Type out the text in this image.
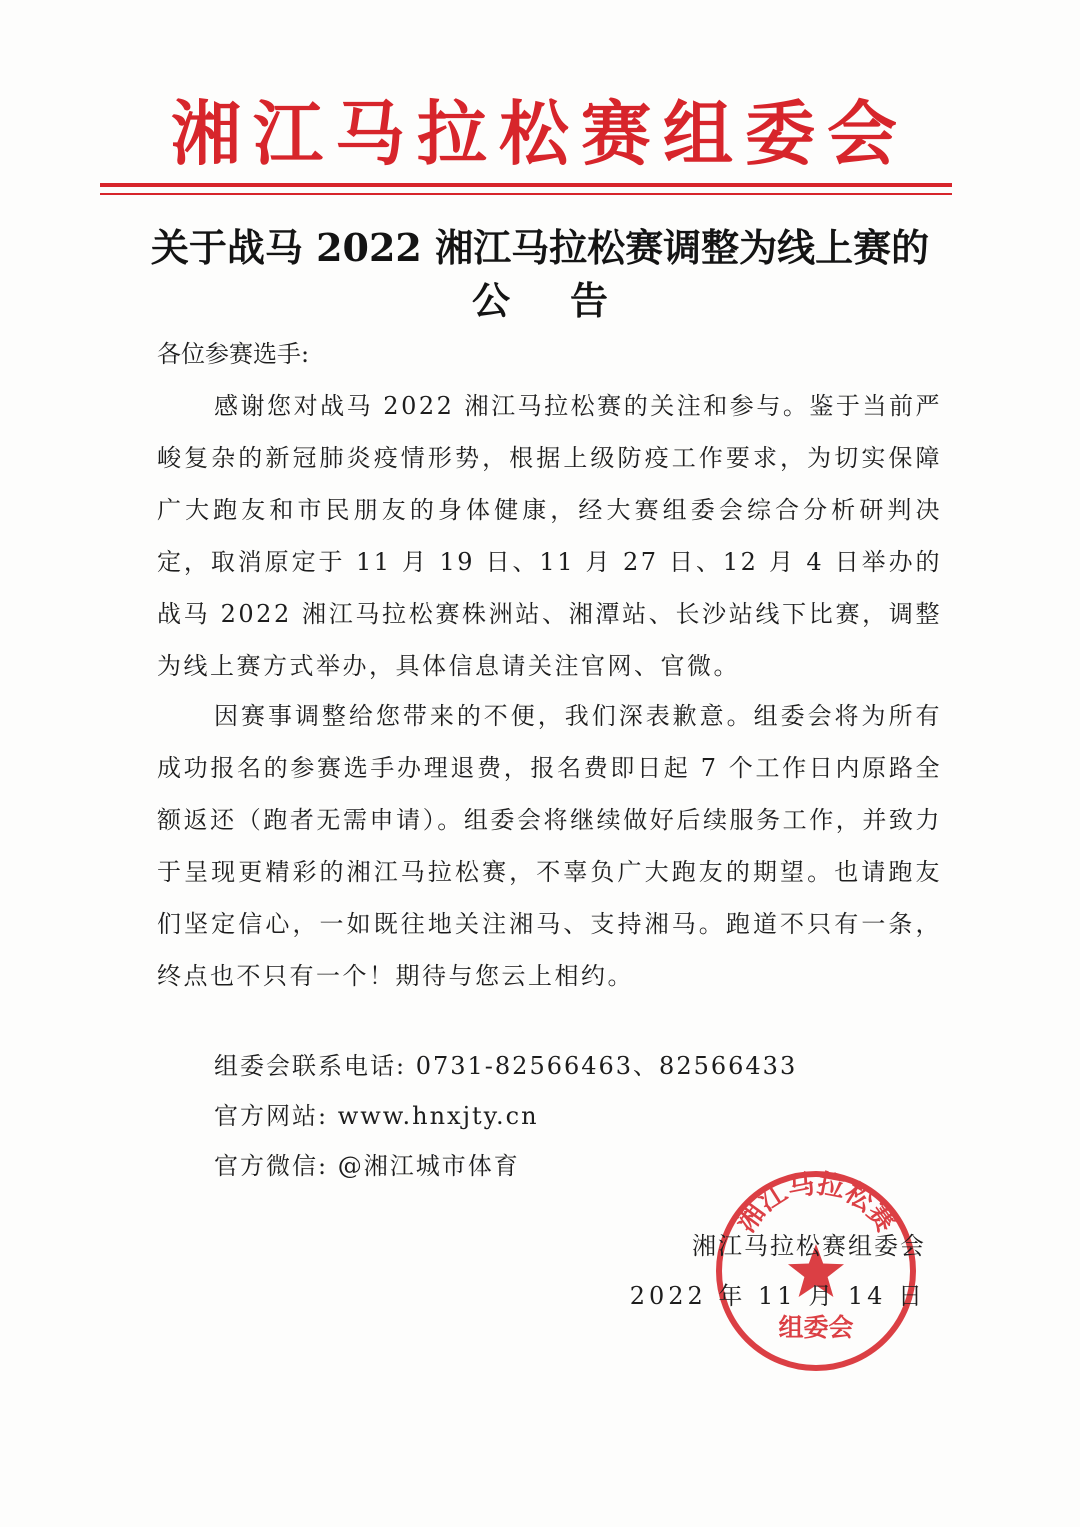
湘江马拉松赛组委会
关于战马 2022 湘江马拉松赛调整为线上赛的
公告
各位参赛选手:
感谢您对战马 2022 湘江马拉松赛的关注和参与。鉴于当前严峻复杂的新冠肺炎疫情形势，根据上级防疫工作要求，为切实保障广大跑友和市民朋友的身体健康，经大赛组委会综合分析研判决定，取消原定于 11 月 19 日、11 月 27 日、12 月 4 日举办的战马 2022 湘江马拉松赛株洲站、湘潭站、长沙站线下比赛，调整为线上赛方式举办，具体信息请关注官网、官微。
因赛事调整给您带来的不便，我们深表歉意。组委会将为所有成功报名的参赛选手办理退费，报名费即日起 7 个工作日内原路全额返还（跑者无需申请）。组委会将继续做好后续服务工作，并致力于呈现更精彩的湘江马拉松赛，不辜负广大跑友的期望。也请跑友们坚定信心，一如既往地关注湘马、支持湘马。跑道不只有一条，终点也不只有一个！期待与您云上相约。
组委会联系电话: 0731-82566463、82566433
官方网站: www.hnxjty.cn
官方微信: @湘江城市体育
湘江马拉松赛
组委会
湘江马拉松赛组委会
2022 年 11 月 14 日
